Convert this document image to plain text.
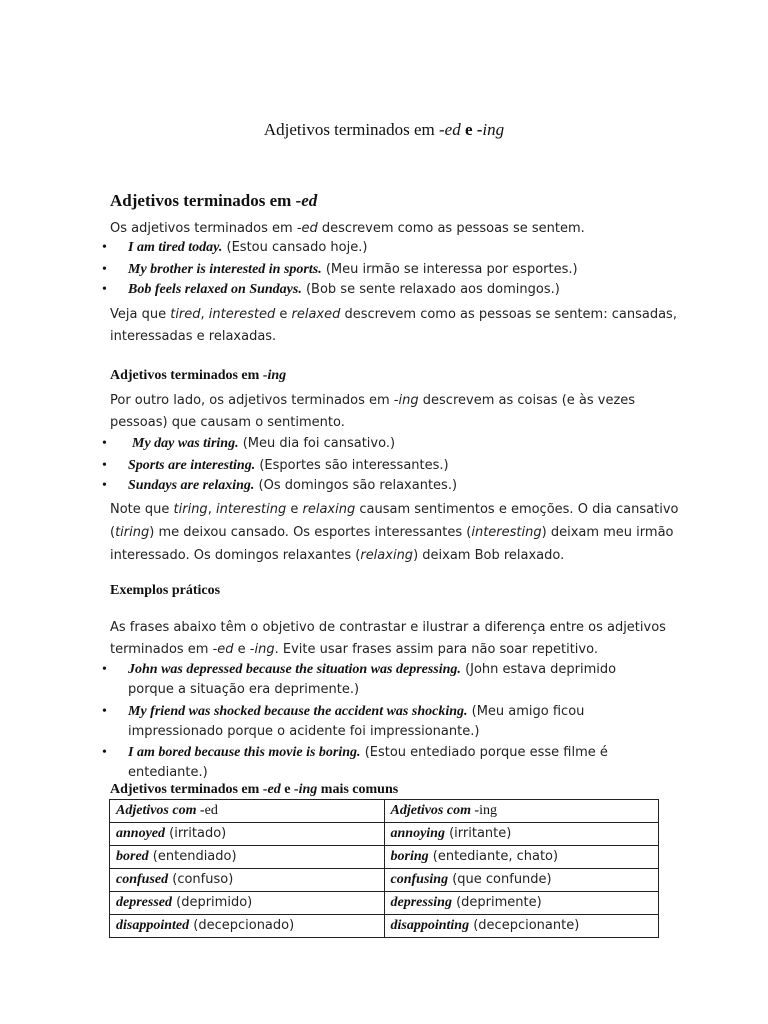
Adjetivos terminados em -ed e -ing
Adjetivos terminados em -ed
Os adjetivos terminados em -ed descrevem como as pessoas se sentem.
• I am tired today. (Estou cansado hoje.)
• My brother is interested in sports. (Meu irmão se interessa por esportes.)
• Bob feels relaxed on Sundays. (Bob se sente relaxado aos domingos.)
Veja que tired, interested e relaxed descrevem como as pessoas se sentem: cansadas,
interessadas e relaxadas.
Adjetivos terminados em -ing
Por outro lado, os adjetivos terminados em -ing descrevem as coisas (e às vezes
pessoas) que causam o sentimento.
• My day was tiring. (Meu dia foi cansativo.)
• Sports are interesting. (Esportes são interessantes.)
• Sundays are relaxing. (Os domingos são relaxantes.)
Note que tiring, interesting e relaxing causam sentimentos e emoções. O dia cansativo
(tiring) me deixou cansado. Os esportes interessantes (interesting) deixam meu irmão
interessado. Os domingos relaxantes (relaxing) deixam Bob relaxado.
Exemplos práticos
As frases abaixo têm o objetivo de contrastar e ilustrar a diferença entre os adjetivos
terminados em -ed e -ing. Evite usar frases assim para não soar repetitivo.
• John was depressed because the situation was depressing. (John estava deprimido
porque a situação era deprimente.)
• My friend was shocked because the accident was shocking. (Meu amigo ficou
impressionado porque o acidente foi impressionante.)
• I am bored because this movie is boring. (Estou entediado porque esse filme é
entediante.)
Adjetivos terminados em -ed e -ing mais comuns
Adjetivos com -ed	Adjetivos com -ing
annoyed (irritado)	annoying (irritante)
bored (entendiado)	boring (entediante, chato)
confused (confuso)	confusing (que confunde)
depressed (deprimido)	depressing (deprimente)
disappointed (decepcionado)	disappointing (decepcionante)
